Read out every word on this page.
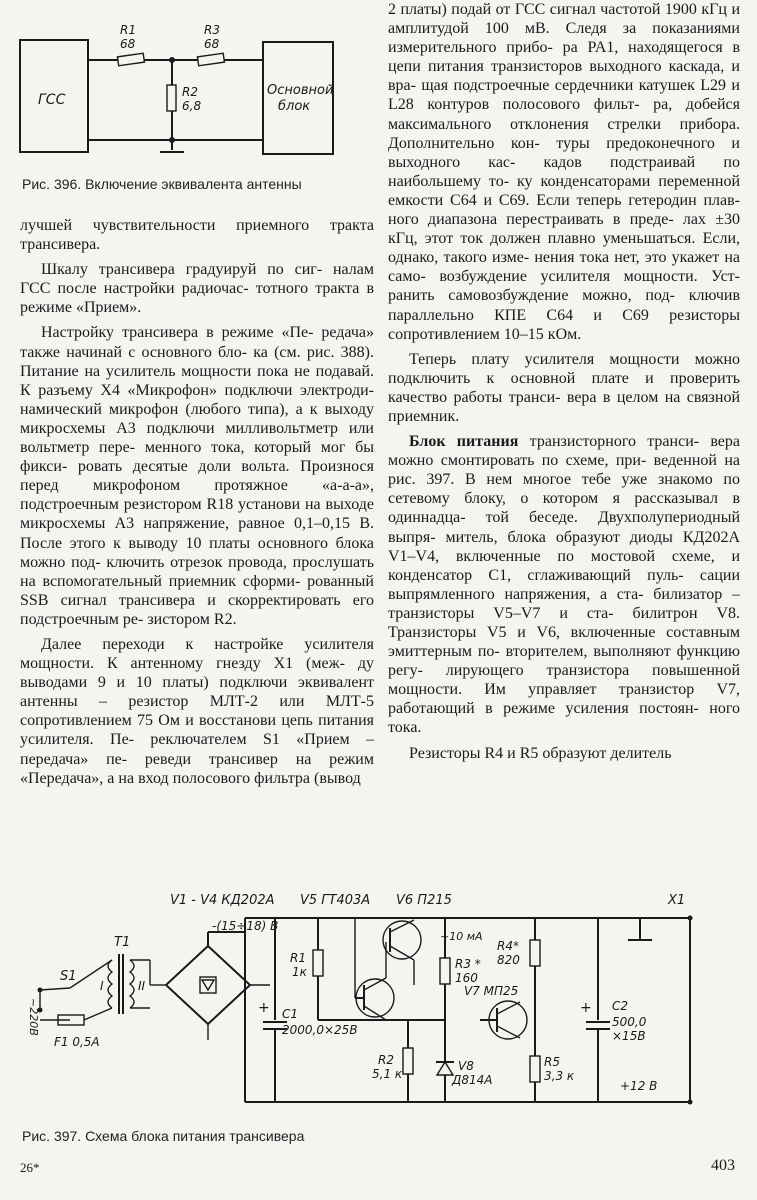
ГСС
Основной
блок
R1
68
R3
68
R2
6,8
Рис. 396. Включение эквивалента антенны

лучшей чувствительности приемного тракта трансивера.

Шкалу трансивера градуируй по сиг- налам ГСС после настройки радиочас- тотного тракта в режиме «Прием».

Настройку трансивера в режиме «Пе- редача» также начинай с основного бло- ка (см. рис. 388). Питание на усилитель мощности пока не подавай. К разъему X4 «Микрофон» подключи электроди- намический микрофон (любого типа), а к выходу микросхемы А3 подключи милливольтметр или вольтметр пере- менного тока, который мог бы фикси- ровать десятые доли вольта. Произнося перед микрофоном протяжное «а-а-а», подстроечным резистором R18 установи на выходе микросхемы А3 напряжение, равное 0,1–0,15 В. После этого к выводу 10 платы основного блока можно под- ключить отрезок провода, прослушать на вспомогательный приемник сформи- рованный SSB сигнал трансивера и скорректировать его подстроечным ре- зистором R2.

Далее переходи к настройке усилителя мощности. К антенному гнезду X1 (меж- ду выводами 9 и 10 платы) подключи эквивалент антенны – резистор МЛТ-2 или МЛТ-5 сопротивлением 75 Ом и восстанови цепь питания усилителя. Пе- реключателем S1 «Прием – передача» пе- реведи трансивер на режим «Передача», а на вход полосового фильтра (вывод

2 платы) подай от ГСС сигнал частотой 1900 кГц и амплитудой 100 мВ. Следя за показаниями измерительного прибо- ра PA1, находящегося в цепи питания транзисторов выходного каскада, и вра- щая подстроечные сердечники катушек L29 и L28 контуров полосового фильт- ра, добейся максимального отклонения стрелки прибора. Дополнительно кон- туры предоконечного и выходного кас- кадов подстраивай по наибольшему то- ку конденсаторами переменной емкости C64 и C69. Если теперь гетеродин плав- ного диапазона перестраивать в преде- лах ±30 кГц, этот ток должен плавно уменьшаться. Если, однако, такого изме- нения тока нет, это укажет на само- возбуждение усилителя мощности. Уст- ранить самовозбуждение можно, под- ключив параллельно КПЕ C64 и C69 резисторы сопротивлением 10–15 кОм.

Теперь плату усилителя мощности можно подключить к основной плате и проверить качество работы транси- вера в целом на связной приемник.

Блок питания транзисторного транси- вера можно смонтировать по схеме, при- веденной на рис. 397. В нем многое тебе уже знакомо по сетевому блоку, о котором я рассказывал в одиннадца- той беседе. Двухполупериодный выпря- митель, блока образуют диоды КД202А V1–V4, включенные по мостовой схеме, и конденсатор C1, сглаживающий пуль- сации выпрямленного напряжения, а ста- билизатор – транзисторы V5–V7 и ста- билитрон V8. Транзисторы V5 и V6, включенные составным эмиттерным по- вторителем, выполняют функцию регу- лирующего транзистора повышенной мощности. Им управляет транзистор V7, работающий в режиме усиления постоян- ного тока.

Резисторы R4 и R5 образуют делитель

V1 - V4 КД202А V5 ГТ403А V6 П215	X1
-(15÷18) В
~10 мА
R1
1к
R3 *
160
R4*
820
V7 МП25
R2
5,1 к
V8
Д814А
R5
3,3 к
C1
2000,0×25В
C2
500,0
×15В
T1
S1
I	II
F1 0,5А
+12 В
+	+
~220В
Рис. 397. Схема блока питания трансивера
26*	403
